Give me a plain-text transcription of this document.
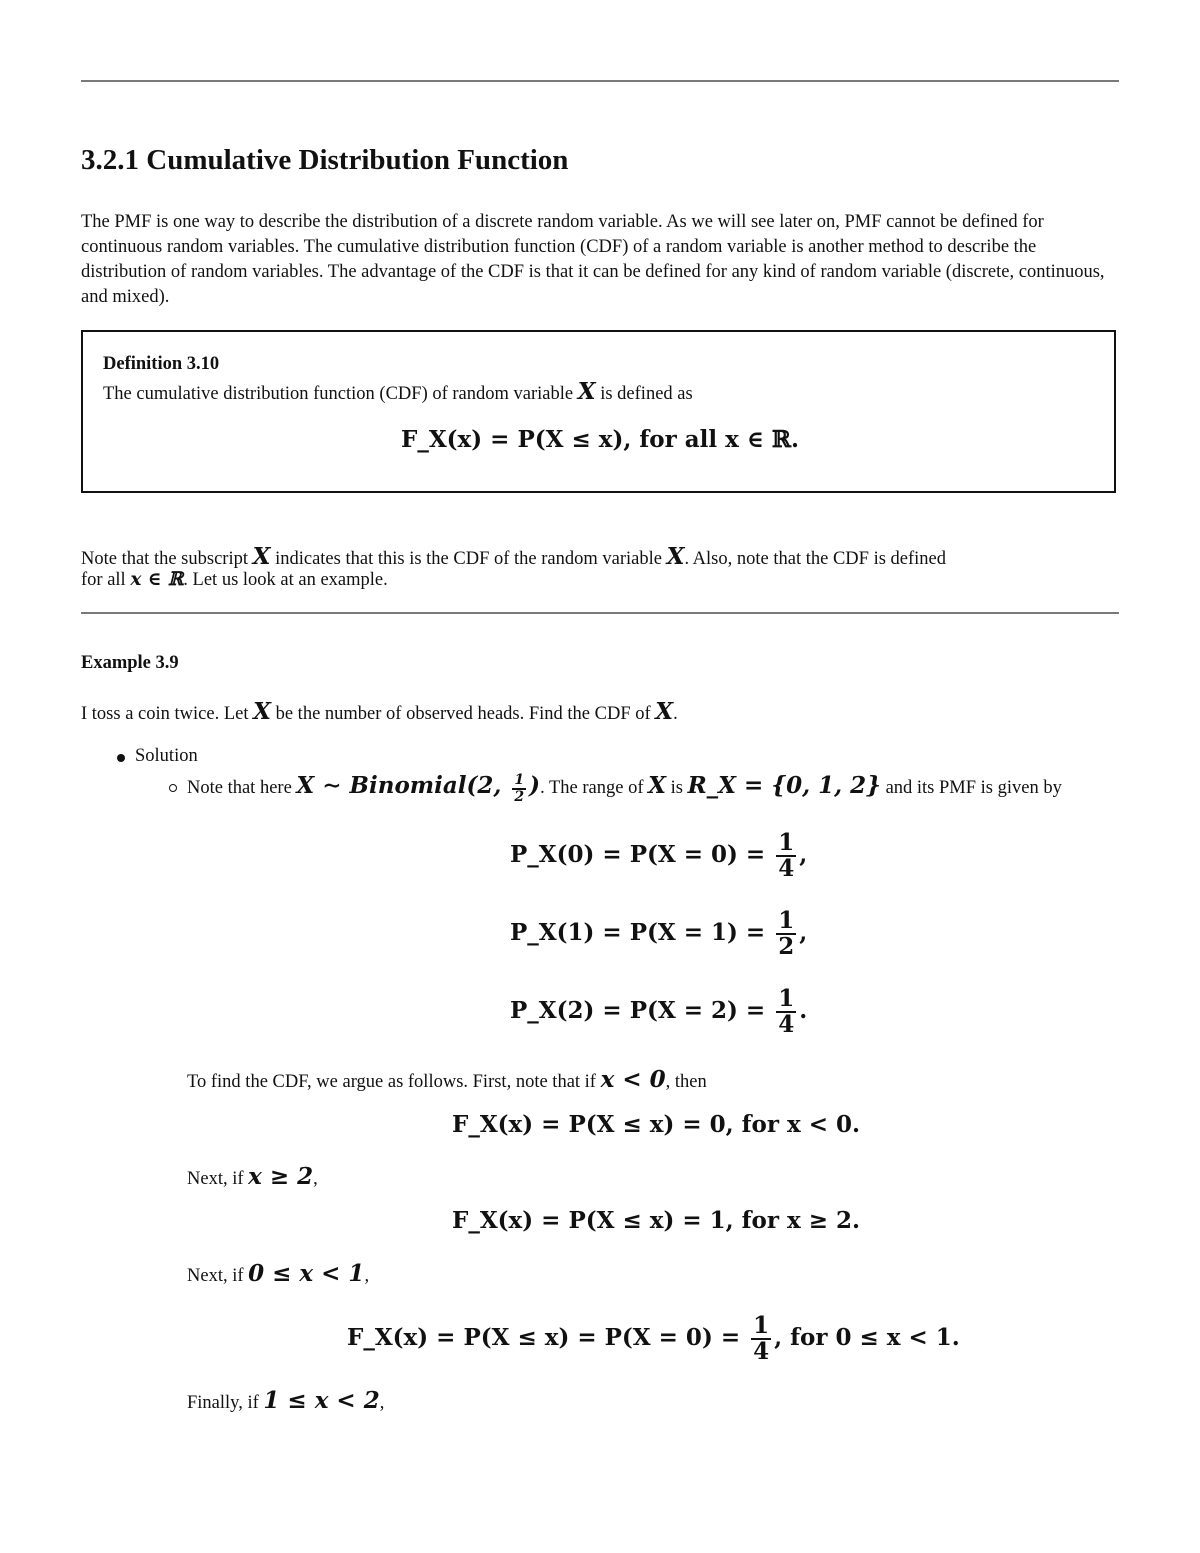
3.2.1 Cumulative Distribution Function

The PMF is one way to describe the distribution of a discrete random variable. As we will see later on, PMF cannot be defined for continuous random variables. The cumulative distribution function (CDF) of a random variable is another method to describe the distribution of random variables. The advantage of the CDF is that it can be defined for any kind of random variable (discrete, continuous, and mixed).

Definition 3.10
The cumulative distribution function (CDF) of random variable X is defined as
F_X(x) = P(X ≤ x), for all x ∈ ℝ.
Note that the subscript X indicates that this is the CDF of the random variable X. Also, note that the CDF is defined
for all x ∈ ℝ. Let us look at an example.
Example 3.9
I toss a coin twice. Let X be the number of observed heads. Find the CDF of X.
Solution
Note that here X ∼ Binomial(2, $\frac{1}{2}$ ). The range of X is R_X = {0, 1, 2} and its PMF is given by
P_X(0) = $P(X = 0) = \frac{1}{4}$ ,
P_X(1) = $P(X = 1) = \frac{1}{2}$ ,
P_X(2) = $P(X = 2) = \frac{1}{4}$ .
To find the CDF, we argue as follows. First, note that if x < 0, then
F_X(x) = P(X ≤ x) = 0, for x < 0.
Next, if x ≥ 2,
F_X(x) = P(X ≤ x) = 1, for x ≥ 2.
Next, if 0 ≤ x < 1,
F_X(x) = $P(X \le x) = P(X = 0) = \frac{1}{4}$ , for 0 ≤ x < 1.
Finally, if 1 ≤ x < 2,
